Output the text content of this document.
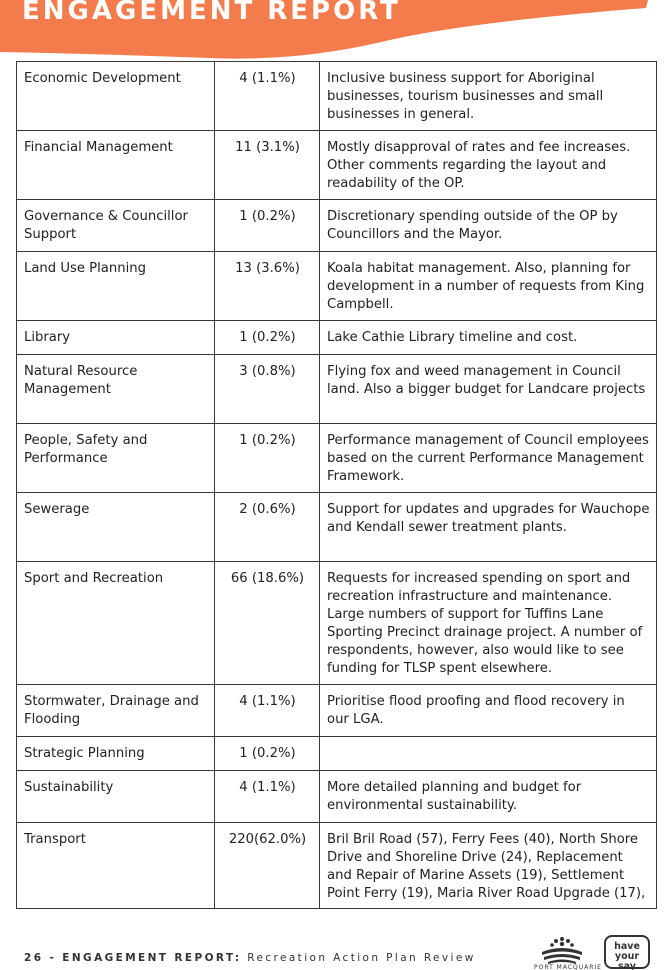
ENGAGEMENT REPORT
Economic Development	4 (1.1%)	Inclusive business support for Aboriginal businesses, tourism businesses and small businesses in general.
Financial Management	11 (3.1%)	Mostly disapproval of rates and fee increases. Other comments regarding the layout and readability of the OP.
Governance & Councillor Support	1 (0.2%)	Discretionary spending outside of the OP by Councillors and the Mayor.
Land Use Planning	13 (3.6%)	Koala habitat management. Also, planning for development in a number of requests from King Campbell.
Library	1 (0.2%)	Lake Cathie Library timeline and cost.
Natural Resource Management	3 (0.8%)	Flying fox and weed management in Council land. Also a bigger budget for Landcare projects
People, Safety and Performance	1 (0.2%)	Performance management of Council employees based on the current Performance Management Framework.
Sewerage	2 (0.6%)	Support for updates and upgrades for Wauchope and Kendall sewer treatment plants.
Sport and Recreation	66 (18.6%)	Requests for increased spending on sport and recreation infrastructure and maintenance. Large numbers of support for Tuffins Lane Sporting Precinct drainage project. A number of respondents, however, also would like to see funding for TLSP spent elsewhere.
Stormwater, Drainage and Flooding	4 (1.1%)	Prioritise flood proofing and flood recovery in our LGA.
Strategic Planning	1 (0.2%)	
Sustainability	4 (1.1%)	More detailed planning and budget for environmental sustainability.
Transport	220(62.0%)	Bril Bril Road (57), Ferry Fees (40), North Shore Drive and Shoreline Drive (24), Replacement and Repair of Marine Assets (19), Settlement Point Ferry (19), Maria River Road Upgrade (17),
26 - ENGAGEMENT REPORT: Recreation Action Plan Review
PORT MACQUARIE
have
your say
